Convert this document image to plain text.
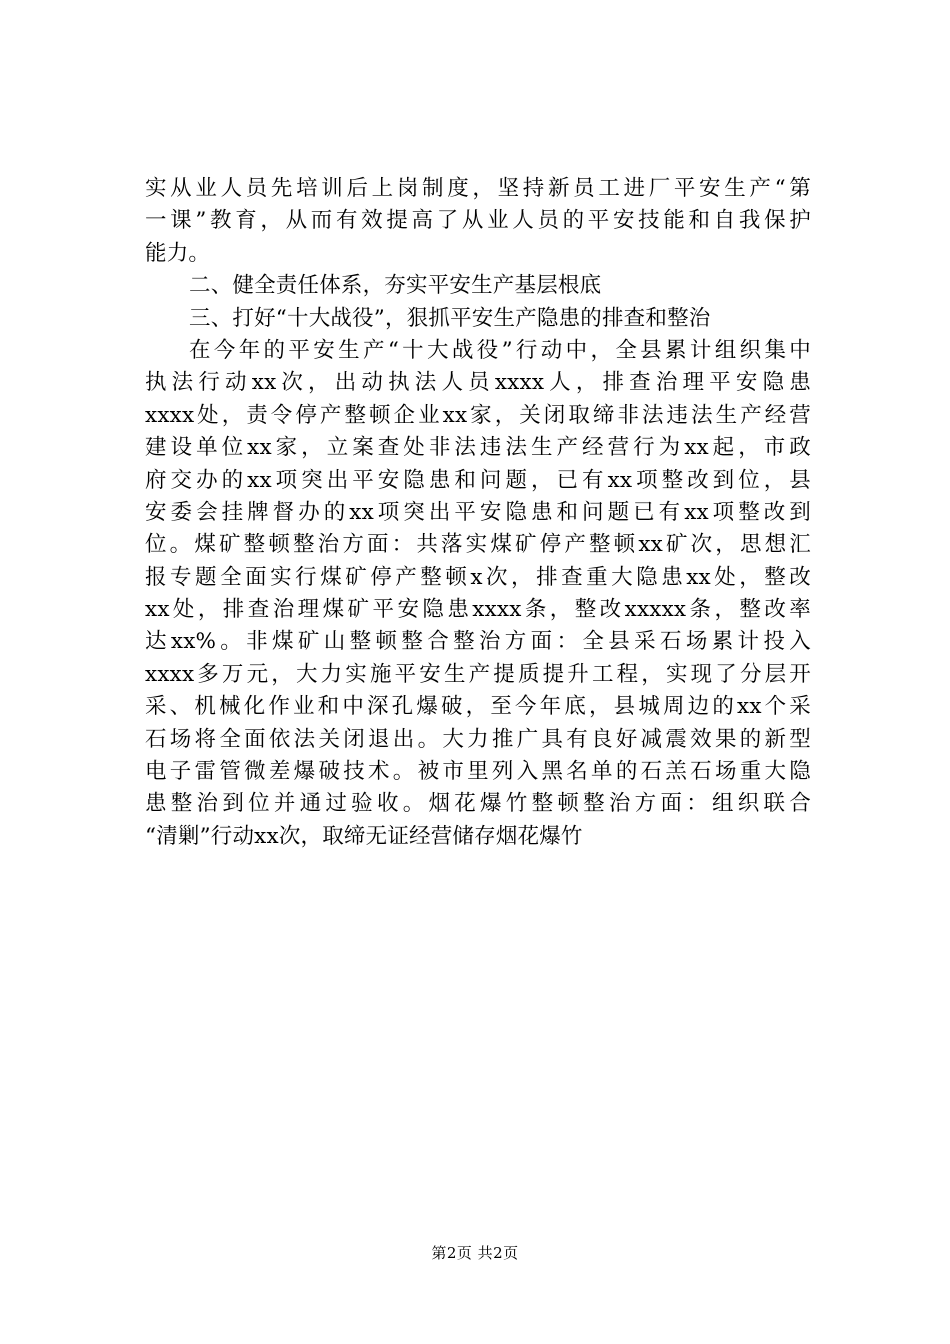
实从业人员先培训后上岗制度，坚持新员工进厂平安生产“第
一课”教育，从而有效提高了从业人员的平安技能和自我保护
能力。
二、健全责任体系，夯实平安生产基层根底
三、打好“十大战役”，狠抓平安生产隐患的排查和整治
在今年的平安生产“十大战役”行动中，全县累计组织集中
执法行动xx次，出动执法人员xxxx人，排查治理平安隐患
xxxx处，责令停产整顿企业xx家，关闭取缔非法违法生产经营
建设单位xx家，立案查处非法违法生产经营行为xx起，市政
府交办的xx项突出平安隐患和问题，已有xx项整改到位，县
安委会挂牌督办的xx项突出平安隐患和问题已有xx项整改到
位。煤矿整顿整治方面：共落实煤矿停产整顿xx矿次，思想汇
报专题全面实行煤矿停产整顿x次，排查重大隐患xx处，整改
xx处，排查治理煤矿平安隐患xxxx条，整改xxxxx条，整改率
达xx%。非煤矿山整顿整合整治方面：全县采石场累计投入
xxxx多万元，大力实施平安生产提质提升工程，实现了分层开
采、机械化作业和中深孔爆破，至今年底，县城周边的xx个采
石场将全面依法关闭退出。大力推广具有良好减震效果的新型
电子雷管微差爆破技术。被市里列入黑名单的石羔石场重大隐
患整治到位并通过验收。烟花爆竹整顿整治方面：组织联合
“清剿”行动xx次，取缔无证经营储存烟花爆竹
第2页 共2页
